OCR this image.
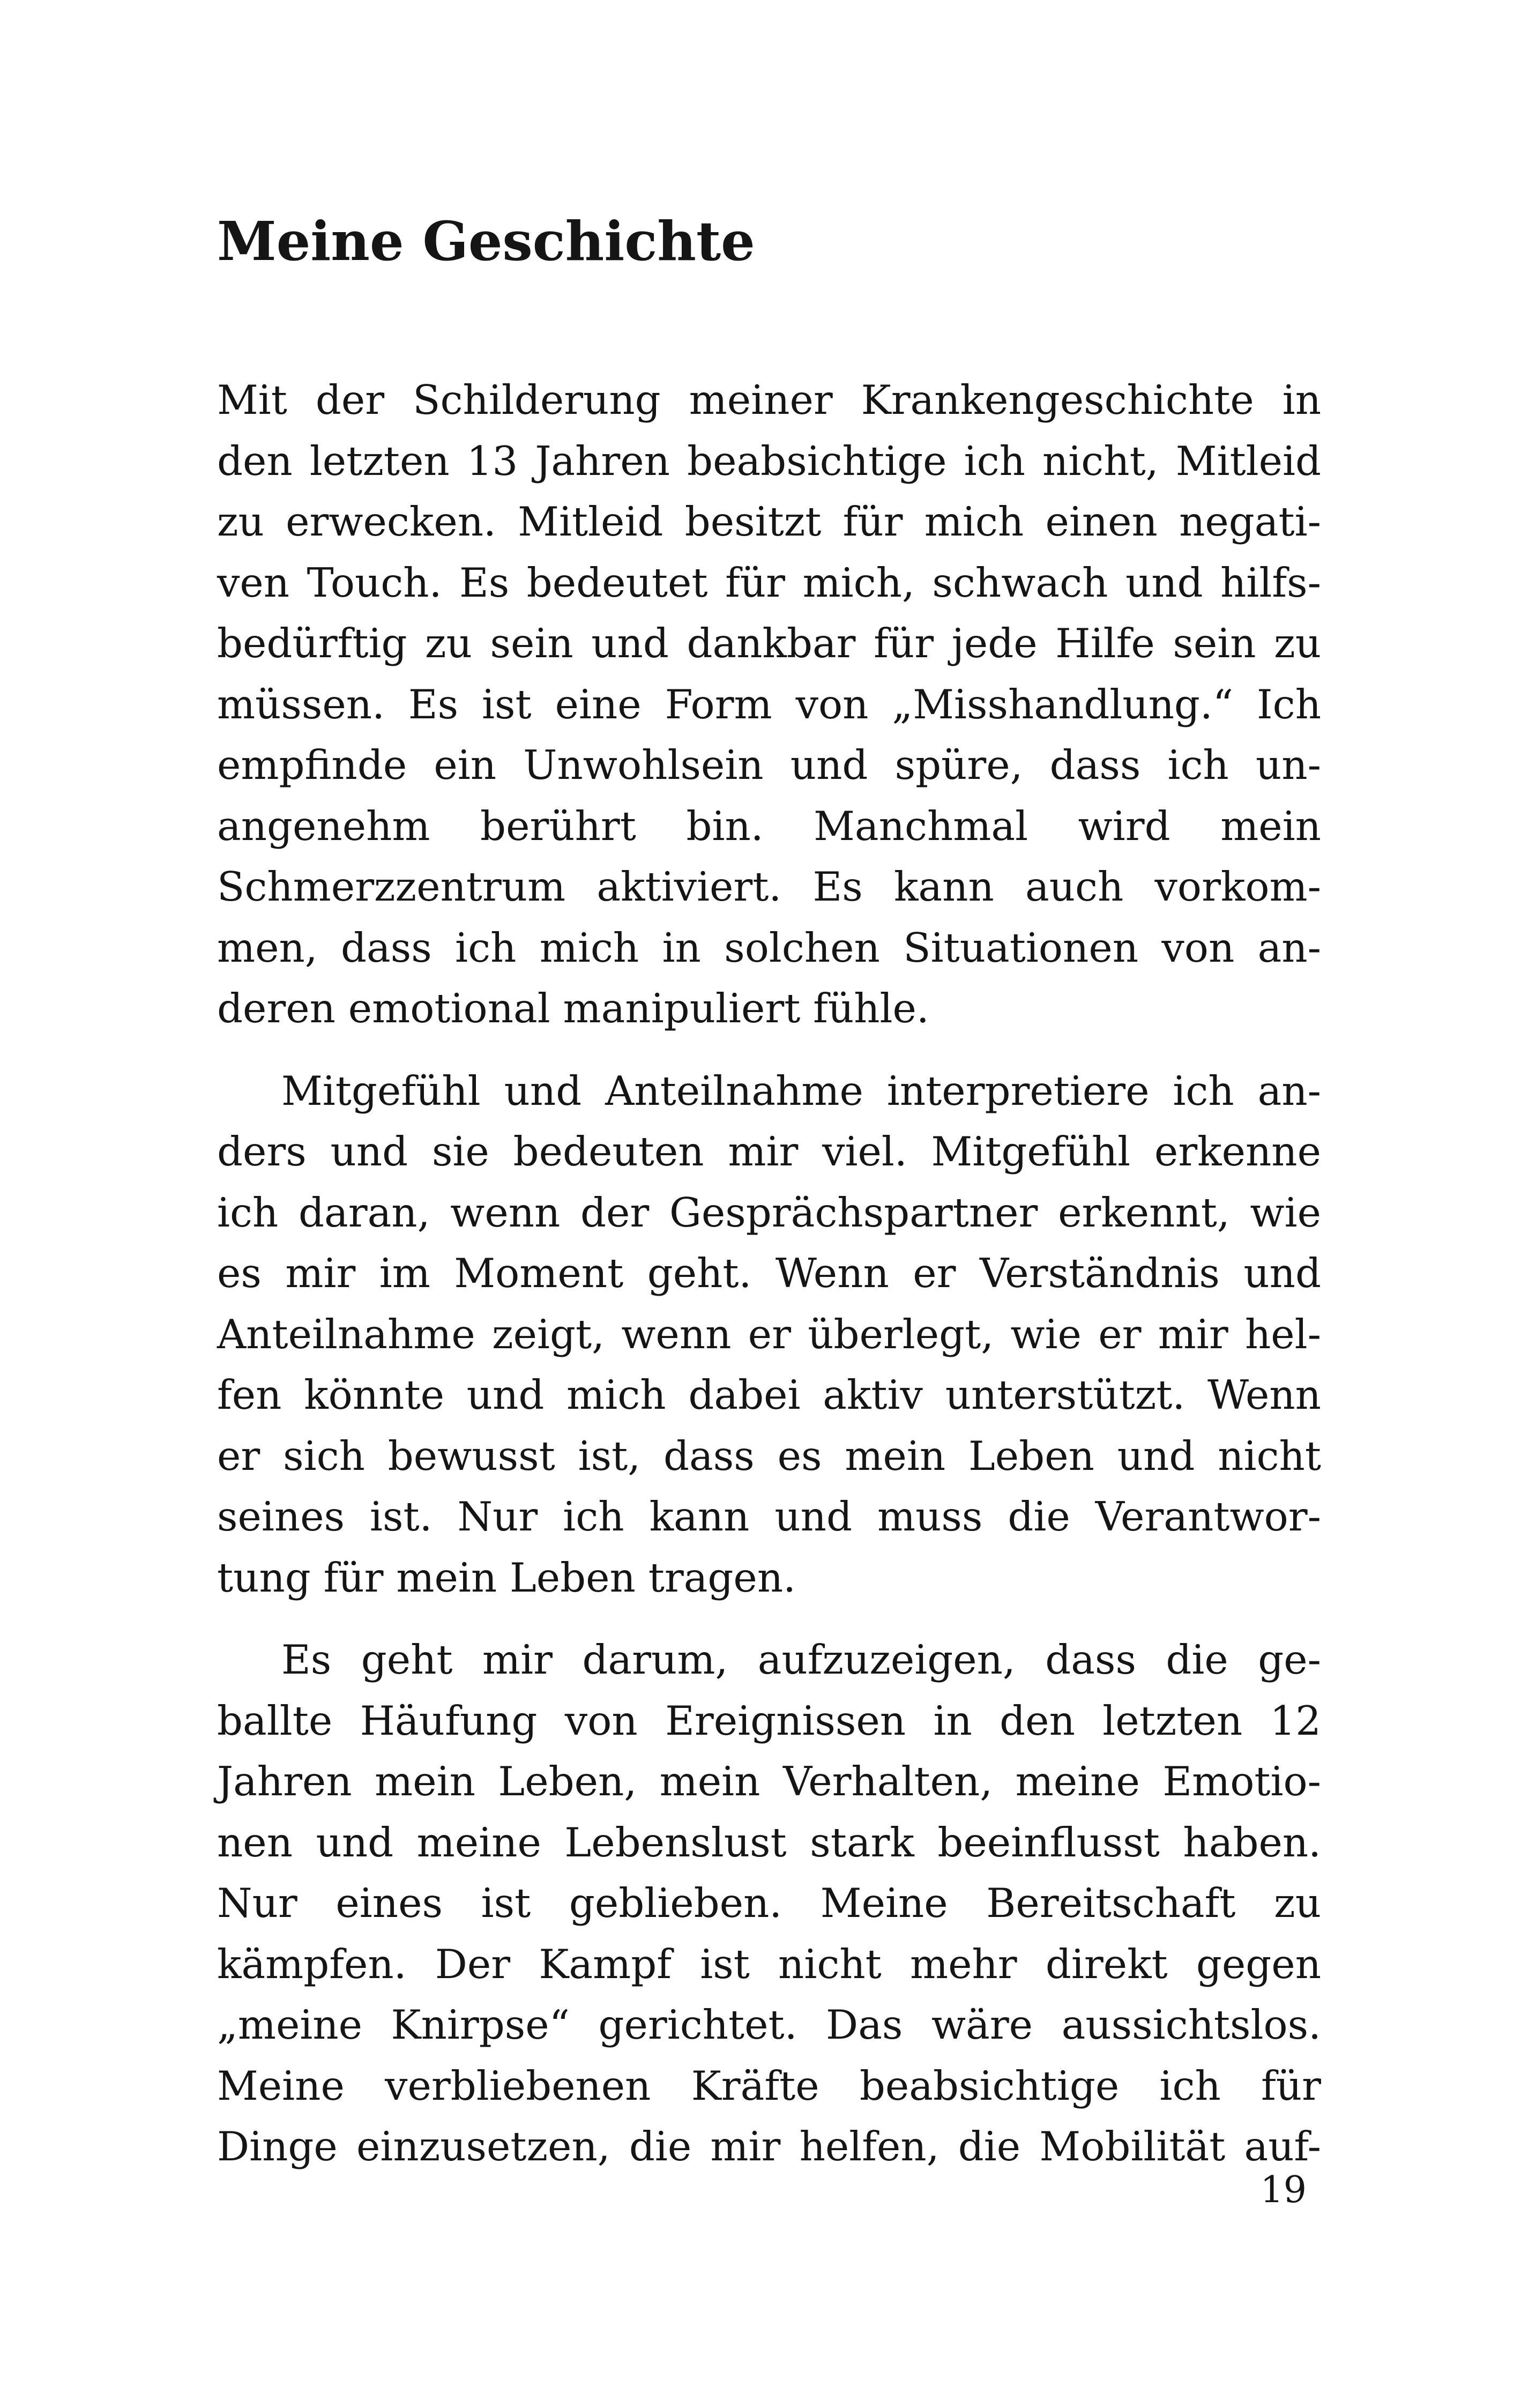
Meine Geschichte

Mit der Schilderung meiner Krankengeschichte in
den letzten 13 Jahren beabsichtige ich nicht, Mitleid
zu erwecken. Mitleid besitzt für mich einen negati-
ven Touch. Es bedeutet für mich, schwach und hilfs-
bedürftig zu sein und dankbar für jede Hilfe sein zu
müssen. Es ist eine Form von „Misshandlung.“ Ich
empfinde ein Unwohlsein und spüre, dass ich un-
angenehm berührt bin. Manchmal wird mein
Schmerzzentrum aktiviert. Es kann auch vorkom-
men, dass ich mich in solchen Situationen von an-
deren emotional manipuliert fühle.

Mitgefühl und Anteilnahme interpretiere ich an-
ders und sie bedeuten mir viel. Mitgefühl erkenne
ich daran, wenn der Gesprächspartner erkennt, wie
es mir im Moment geht. Wenn er Verständnis und
Anteilnahme zeigt, wenn er überlegt, wie er mir hel-
fen könnte und mich dabei aktiv unterstützt. Wenn
er sich bewusst ist, dass es mein Leben und nicht
seines ist. Nur ich kann und muss die Verantwor-
tung für mein Leben tragen.

Es geht mir darum, aufzuzeigen, dass die ge-
ballte Häufung von Ereignissen in den letzten 12
Jahren mein Leben, mein Verhalten, meine Emotio-
nen und meine Lebenslust stark beeinflusst haben.
Nur eines ist geblieben. Meine Bereitschaft zu
kämpfen. Der Kampf ist nicht mehr direkt gegen
„meine Knirpse“ gerichtet. Das wäre aussichtslos.
Meine verbliebenen Kräfte beabsichtige ich für
Dinge einzusetzen, die mir helfen, die Mobilität auf-

19
